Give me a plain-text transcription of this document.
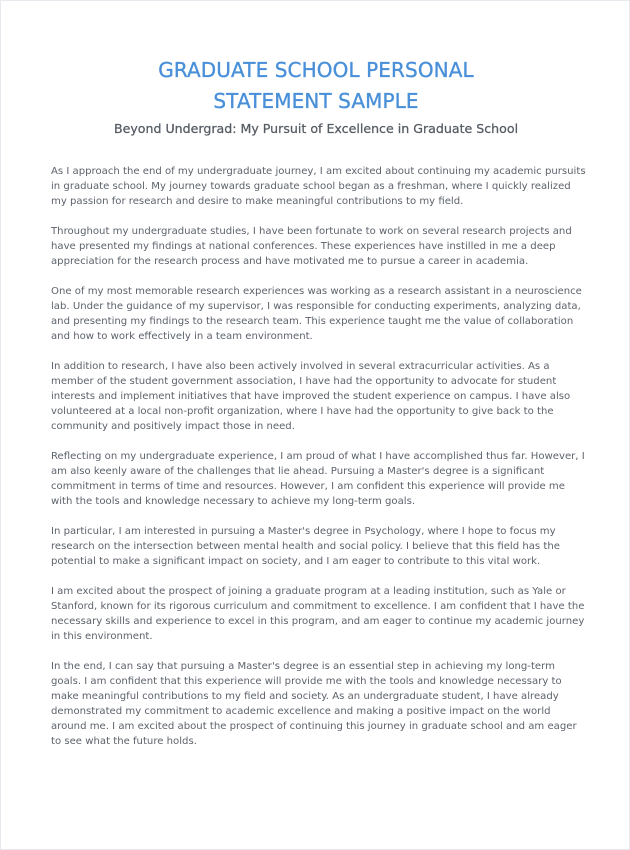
GRADUATE SCHOOL PERSONAL
STATEMENT SAMPLE
Beyond Undergrad: My Pursuit of Excellence in Graduate School

As I approach the end of my undergraduate journey, I am excited about continuing my academic pursuits in graduate school. My journey towards graduate school began as a freshman, where I quickly realized my passion for research and desire to make meaningful contributions to my field.

Throughout my undergraduate studies, I have been fortunate to work on several research projects and have presented my findings at national conferences. These experiences have instilled in me a deep appreciation for the research process and have motivated me to pursue a career in academia.

One of my most memorable research experiences was working as a research assistant in a neuroscience lab. Under the guidance of my supervisor, I was responsible for conducting experiments, analyzing data, and presenting my findings to the research team. This experience taught me the value of collaboration and how to work effectively in a team environment.

In addition to research, I have also been actively involved in several extracurricular activities. As a member of the student government association, I have had the opportunity to advocate for student interests and implement initiatives that have improved the student experience on campus. I have also volunteered at a local non-profit organization, where I have had the opportunity to give back to the community and positively impact those in need.

Reflecting on my undergraduate experience, I am proud of what I have accomplished thus far. However, I am also keenly aware of the challenges that lie ahead. Pursuing a Master's degree is a significant commitment in terms of time and resources. However, I am confident this experience will provide me with the tools and knowledge necessary to achieve my long-term goals.

In particular, I am interested in pursuing a Master's degree in Psychology, where I hope to focus my research on the intersection between mental health and social policy. I believe that this field has the potential to make a significant impact on society, and I am eager to contribute to this vital work.

I am excited about the prospect of joining a graduate program at a leading institution, such as Yale or Stanford, known for its rigorous curriculum and commitment to excellence. I am confident that I have the necessary skills and experience to excel in this program, and am eager to continue my academic journey in this environment.

In the end, I can say that pursuing a Master's degree is an essential step in achieving my long-term goals. I am confident that this experience will provide me with the tools and knowledge necessary to make meaningful contributions to my field and society. As an undergraduate student, I have already demonstrated my commitment to academic excellence and making a positive impact on the world around me. I am excited about the prospect of continuing this journey in graduate school and am eager to see what the future holds.
